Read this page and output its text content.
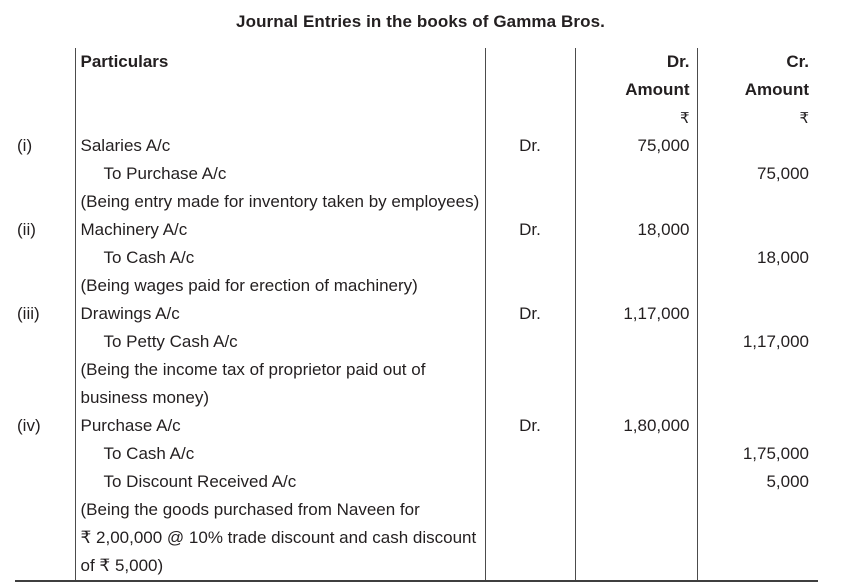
Journal Entries in the books of Gamma Bros.
	Particulars		Dr.	Cr.
			Amount	Amount
			₹	₹
(i)	Salaries A/c	Dr.	75,000	
	To Purchase A/c			75,000
	(Being entry made for inventory taken by employees)			
(ii)	Machinery A/c	Dr.	18,000	
	To Cash A/c			18,000
	(Being wages paid for erection of machinery)			
(iii)	Drawings A/c	Dr.	1,17,000	
	To Petty Cash A/c			1,17,000
	(Being the income tax of proprietor paid out of			
	business money)			
(iv)	Purchase A/c	Dr.	1,80,000	
	To Cash A/c			1,75,000
	To Discount Received A/c			5,000
	(Being the goods purchased from Naveen for			
	₹ 2,00,000 @ 10% trade discount and cash discount			
	of ₹ 5,000)			
